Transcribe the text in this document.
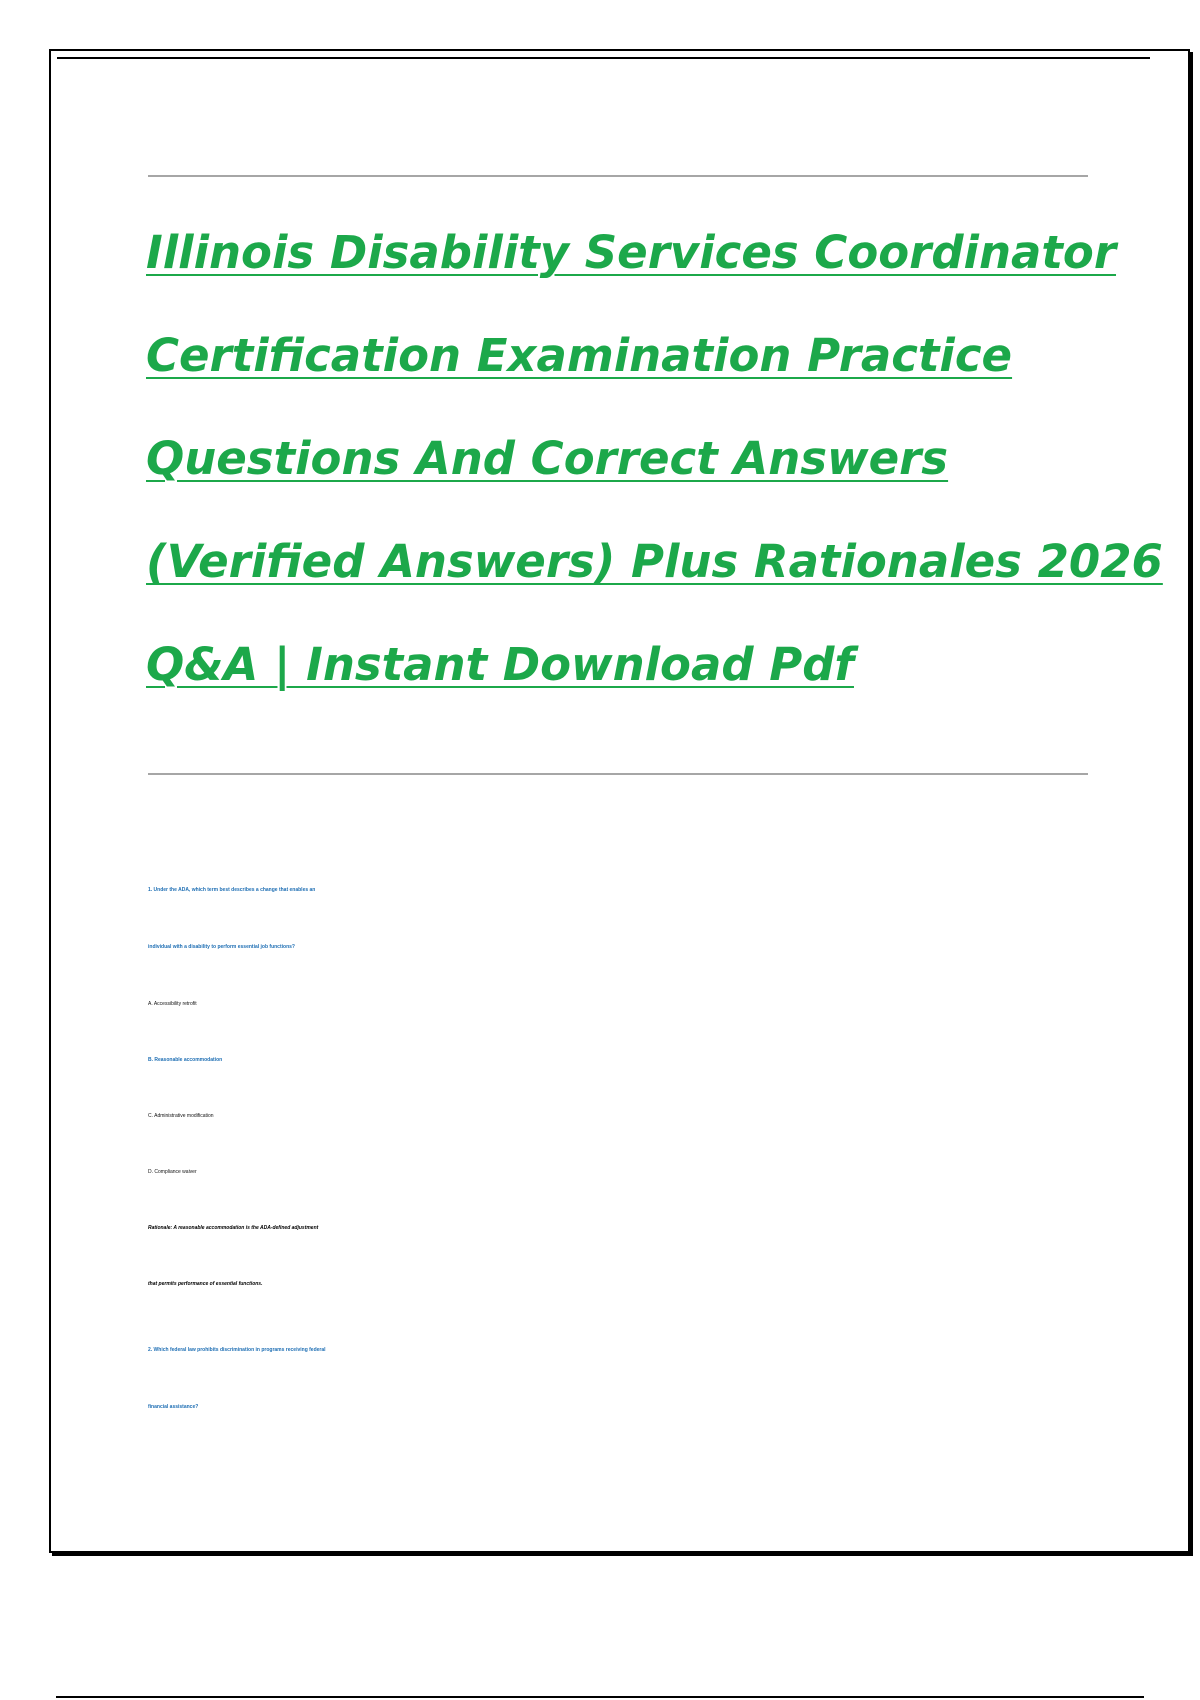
Illinois Disability Services Coordinator
Certification Examination Practice
Questions And Correct Answers
(Verified Answers) Plus Rationales 2026
Q&A | Instant Download Pdf
1. Under the ADA, which term best describes a change that enables an
individual with a disability to perform essential job functions?
A. Accessibility retrofit
B. Reasonable accommodation
C. Administrative modification
D. Compliance waiver
Rationale: A reasonable accommodation is the ADA-defined adjustment
that permits performance of essential functions.
2. Which federal law prohibits discrimination in programs receiving federal
financial assistance?
